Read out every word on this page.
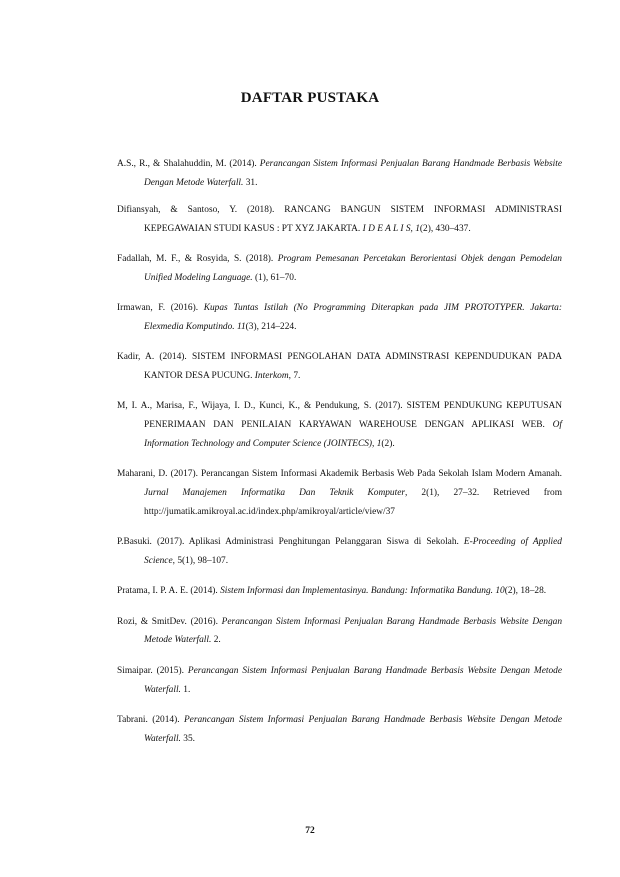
DAFTAR PUSTAKA

A.S., R., & Shalahuddin, M. (2014). Perancangan Sistem Informasi Penjualan Barang Handmade Berbasis Website Dengan Metode Waterfall. 31.

Difiansyah, & Santoso, Y. (2018). RANCANG BANGUN SISTEM INFORMASI ADMINISTRASI KEPEGAWAIAN STUDI KASUS : PT XYZ JAKARTA. I D E A L I S, 1(2), 430–437.

Fadallah, M. F., & Rosyida, S. (2018). Program Pemesanan Percetakan Berorientasi Objek dengan Pemodelan Unified Modeling Language. (1), 61–70.

Irmawan, F. (2016). Kupas Tuntas Istilah (No Programming Diterapkan pada JIM PROTOTYPER. Jakarta: Elexmedia Komputindo. 11(3), 214–224.

Kadir, A. (2014). SISTEM INFORMASI PENGOLAHAN DATA ADMINSTRASI KEPENDUDUKAN PADA KANTOR DESA PUCUNG. Interkom, 7.

M, I. A., Marisa, F., Wijaya, I. D., Kunci, K., & Pendukung, S. (2017). SISTEM PENDUKUNG KEPUTUSAN PENERIMAAN DAN PENILAIAN KARYAWAN WAREHOUSE DENGAN APLIKASI WEB. Of Information Technology and Computer Science (JOINTECS), 1(2).

Maharani, D. (2017). Perancangan Sistem Informasi Akademik Berbasis Web Pada Sekolah Islam Modern Amanah. Jurnal Manajemen Informatika Dan Teknik Komputer, 2(1), 27–32. Retrieved from http://jumatik.amikroyal.ac.id/index.php/amikroyal/article/view/37

P.Basuki. (2017). Aplikasi Administrasi Penghitungan Pelanggaran Siswa di Sekolah. E-Proceeding of Applied Science, 5(1), 98–107.

Pratama, I. P. A. E. (2014). Sistem Informasi dan Implementasinya. Bandung: Informatika Bandung. 10(2), 18–28.

Rozi, & SmitDev. (2016). Perancangan Sistem Informasi Penjualan Barang Handmade Berbasis Website Dengan Metode Waterfall. 2.

Simaipar. (2015). Perancangan Sistem Informasi Penjualan Barang Handmade Berbasis Website Dengan Metode Waterfall. 1.

Tabrani. (2014). Perancangan Sistem Informasi Penjualan Barang Handmade Berbasis Website Dengan Metode Waterfall. 35.

72
